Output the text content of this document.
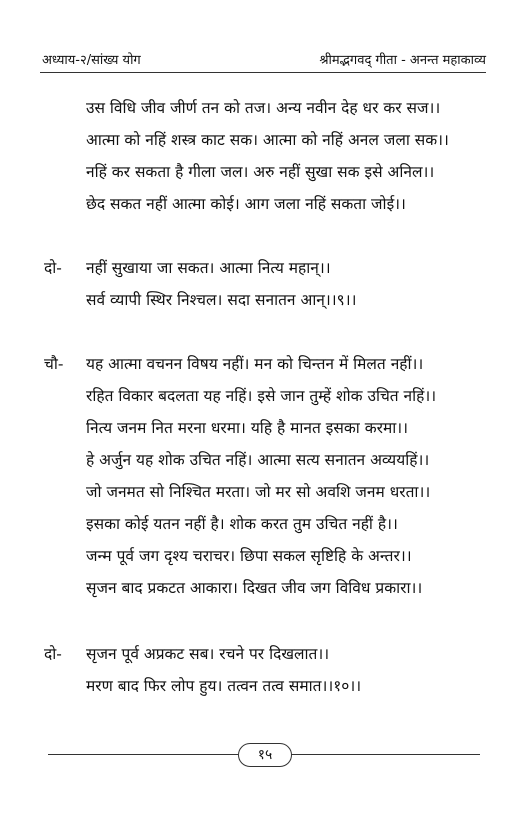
अध्याय-२/सांख्य योग	श्रीमद्भगवद् गीता - अनन्त महाकाव्य
उस विधि जीव जीर्ण तन को तज। अन्य नवीन देह धर कर सज।।
आत्मा को नहिं शस्त्र काट सक। आत्मा को नहिं अनल जला सक।।
नहिं कर सकता है गीला जल। अरु नहीं सुखा सक इसे अनिल।।
छेद सकत नहीं आत्मा कोई। आग जला नहिं सकता जोई।।
दो- नहीं सुखाया जा सकत। आत्मा नित्य महान्।।
सर्व व्यापी स्थिर निश्चल। सदा सनातन आन्।।९।।
चौ- यह आत्मा वचनन विषय नहीं। मन को चिन्तन में मिलत नहीं।।
रहित विकार बदलता यह नहिं। इसे जान तुम्हें शोक उचित नहिं।।
नित्य जनम नित मरना धरमा। यहि है मानत इसका करमा।।
हे अर्जुन यह शोक उचित नहिं। आत्मा सत्य सनातन अव्ययहिं।।
जो जनमत सो निश्चित मरता। जो मर सो अवशि जनम धरता।।
इसका कोई यतन नहीं है। शोक करत तुम उचित नहीं है।।
जन्म पूर्व जग दृश्य चराचर। छिपा सकल सृष्टिहि के अन्तर।।
सृजन बाद प्रकटत आकारा। दिखत जीव जग विविध प्रकारा।।
दो- सृजन पूर्व अप्रकट सब। रचने पर दिखलात।।
मरण बाद फिर लोप हुय। तत्वन तत्व समात।।१०।।
१५
